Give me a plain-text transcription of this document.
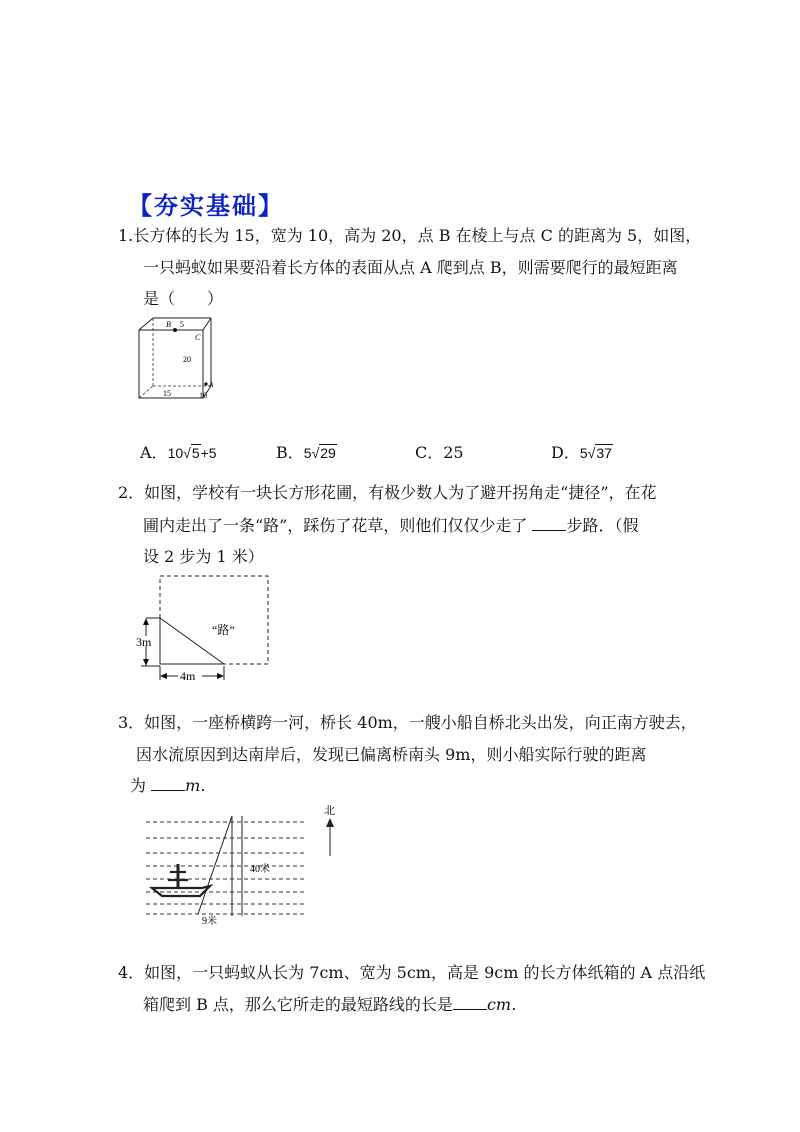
【夯实基础】
1.长方体的长为 15，宽为 10，高为 20，点 B 在棱上与点 C 的距离为 5，如图，
一只蚂蚁如果要沿着长方体的表面从点 A 爬到点 B，则需要爬行的最短距离
是（　　）
B 5
C
20
A
15	10
A．10√5+5	B．5√29	C．25	D．5√37
2．如图，学校有一块长方形花圃，有极少数人为了避开拐角走“捷径”，在花
圃内走出了一条“路”，踩伤了花草，则他们仅仅少走了 步路．（假
设 2 步为 1 米）
“路”
3m
4m
3．如图，一座桥横跨一河，桥长 40m，一艘小船自桥北头出发，向正南方驶去，
因水流原因到达南岸后，发现已偏离桥南头 9m，则小船实际行驶的距离
为 m．
北
40米
9米
4．如图，一只蚂蚁从长为 7cm、宽为 5cm，高是 9cm 的长方体纸箱的 A 点沿纸
箱爬到 B 点，那么它所走的最短路线的长是 cm．
